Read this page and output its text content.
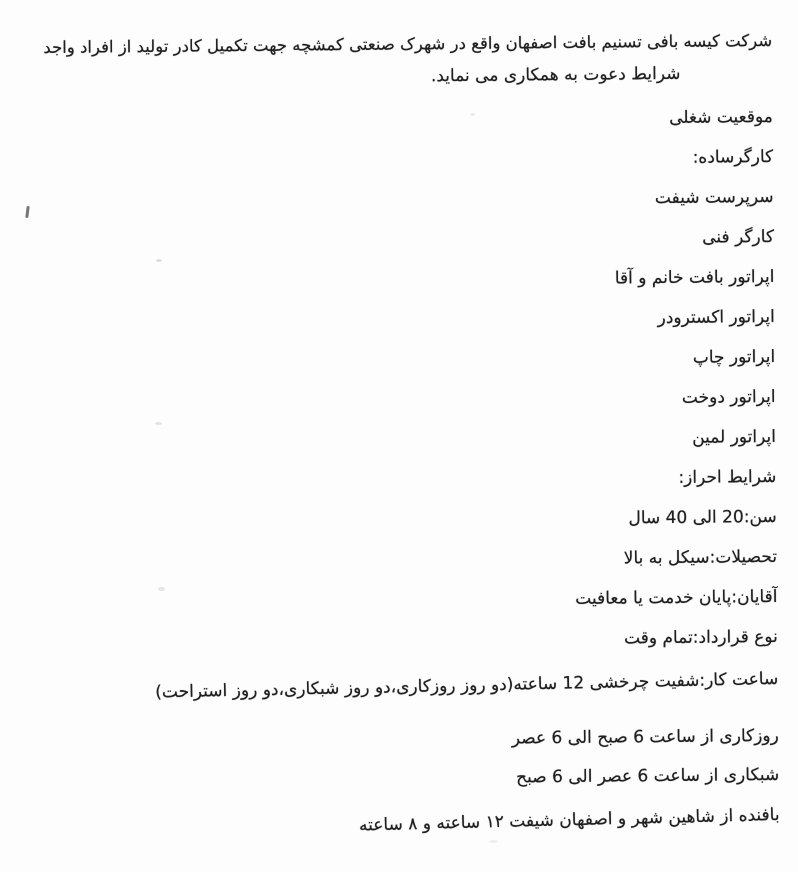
شرکت کیسه بافی تسنیم بافت اصفهان واقع در شهرک صنعتی کمشچه جهت تکمیل کادر تولید از افراد واجد
شرایط دعوت به همکاری می نماید.
موقعیت شغلی
کارگرساده:
سرپرست شیفت
کارگر فنی
اپراتور بافت خانم و آقا
اپراتور اکسترودر
اپراتور چاپ
اپراتور دوخت
اپراتور لمین
شرایط احراز:
سن:20 الی 40 سال
تحصیلات:سیکل به بالا
آقایان:پایان خدمت یا معافیت
نوع قرارداد:تمام وقت
ساعت کار:شفیت چرخشی 12 ساعته(دو روز روزکاری،دو روز شبکاری،دو روز استراحت)
روزکاری از ساعت 6 صبح الی 6 عصر
شبکاری از ساعت 6 عصر الی 6 صبح
بافنده از شاهین شهر و اصفهان شیفت ۱۲ ساعته و ۸ ساعته
